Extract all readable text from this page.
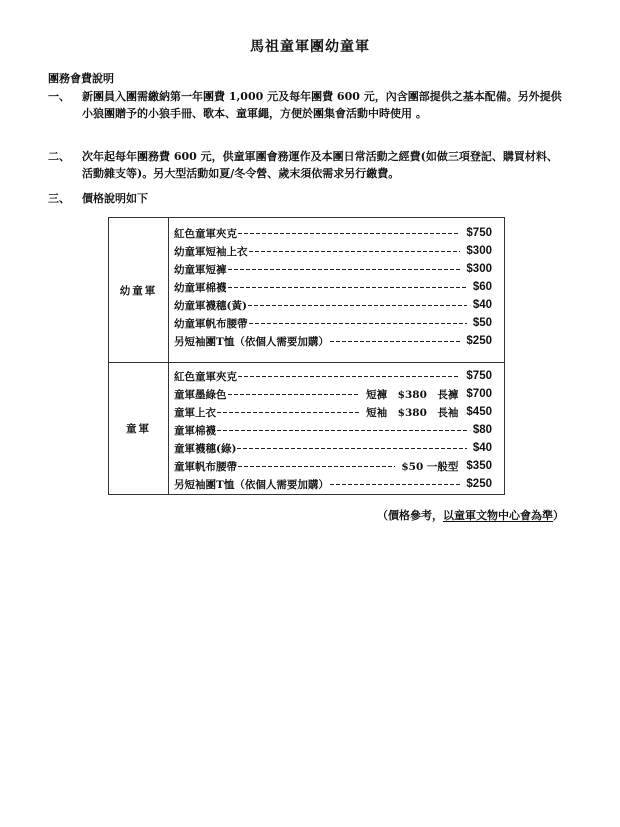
馬祖童軍團幼童軍
團務會費說明
一、 新團員入團需繳納第一年團費 1,000 元及每年團費 600 元，內含團部提供之基本配備。另外提供
小狼團贈予的小狼手冊、歌本、童軍繩，方便於團集會活動中時使用 。
二、 次年起每年團務費 600 元，供童軍團會務運作及本團日常活動之經費(如做三項登記、購買材料、
活動雜支等)。另大型活動如夏/冬令營、歲末須依需求另行繳費。
三、 價格說明如下
幼童軍
紅色童軍夾克	$750
幼童軍短袖上衣	$300
幼童軍短褲	$300
幼童軍棉襪	$60
幼童軍襪穗(黃)	$40
幼童軍帆布腰帶	$50
另短袖團T恤（依個人需要加購）	$250
童軍
紅色童軍夾克	$750
童軍墨綠色	短褲　$380　長褲 $700
童軍上衣	短袖　$380　長袖 $450
童軍棉襪	$80
童軍襪穗(綠)	$40
童軍帆布腰帶	$50 一般型 $350
另短袖團T恤（依個人需要加購）	$250
（價格參考，以童軍文物中心會為準）
